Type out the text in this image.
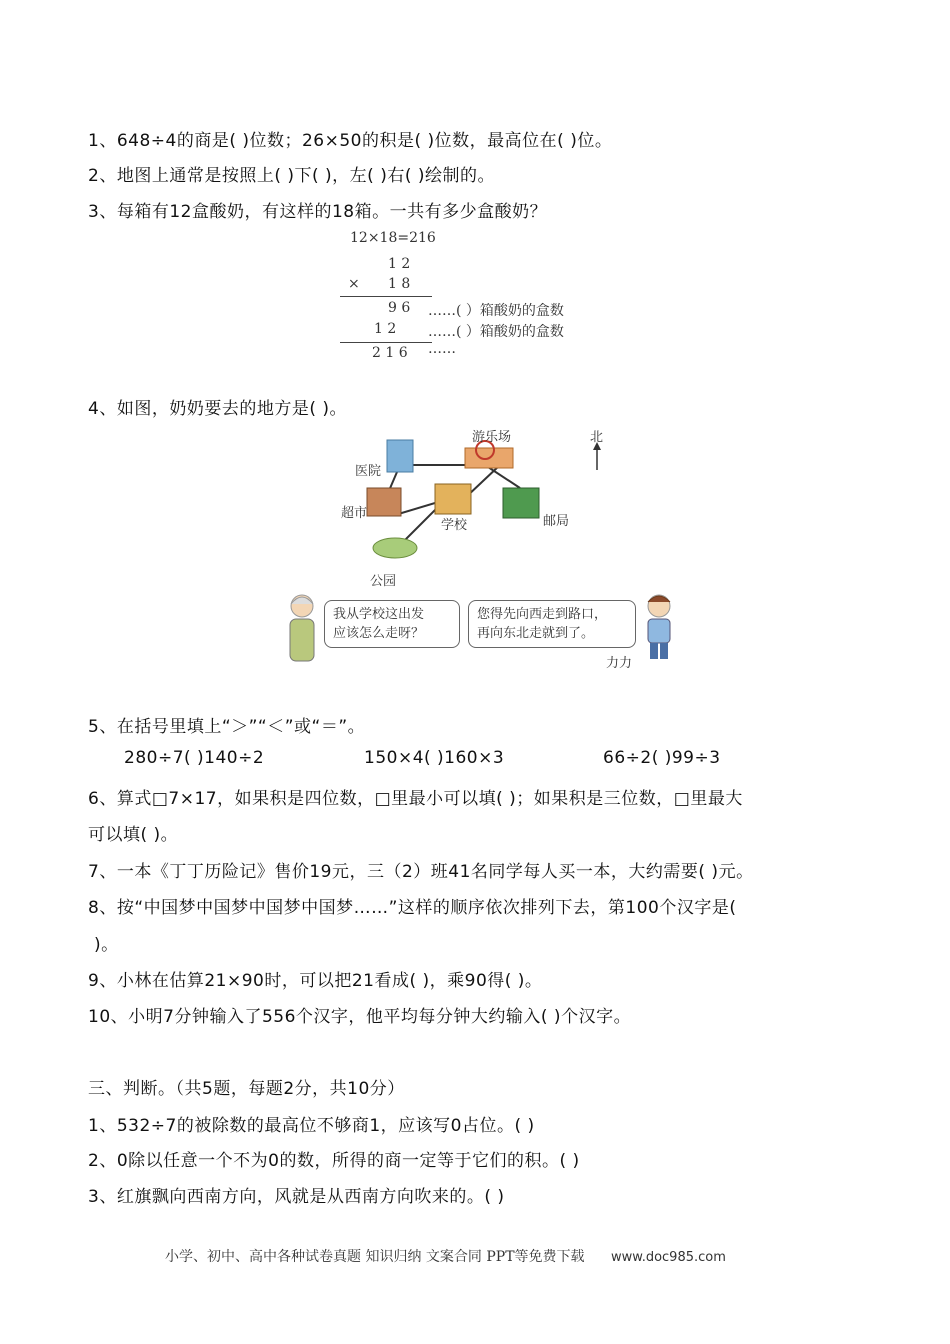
1、648÷4的商是( )位数；26×50的积是( )位数，最高位在( )位。
2、地图上通常是按照上( )下( )，左( )右( )绘制的。
3、每箱有12盒酸奶，有这样的18箱。一共有多少盒酸奶？
12×18=216
1 2
× 1 8
9 6 ……( ）箱酸奶的盒数
1 2 ……( ）箱酸奶的盒数
2 1 6 ……
4、如图，奶奶要去的地方是( )。
医院
游乐场	北
超市
学校	邮局
公园
我从学校这出发
应该怎么走呀？
您得先向西走到路口，
再向东北走就到了。
力力
5、在括号里填上“＞”“＜”或“＝”。
280÷7( )140÷2	150×4( )160×3	66÷2( )99÷3
6、算式□7×17，如果积是四位数，□里最小可以填( )；如果积是三位数，□里最大
可以填( )。
7、一本《丁丁历险记》售价19元，三（2）班41名同学每人买一本，大约需要( )元。
8、按“中国梦中国梦中国梦中国梦……”这样的顺序依次排列下去，第100个汉字是(
)。
9、小林在估算21×90时，可以把21看成( )，乘90得( )。
10、小明7分钟输入了556个汉字，他平均每分钟大约输入( )个汉字。
三、判断。（共5题，每题2分，共10分）
1、532÷7的被除数的最高位不够商1，应该写0占位。( )
2、0除以任意一个不为0的数，所得的商一定等于它们的积。( )
3、红旗飘向西南方向，风就是从西南方向吹来的。( )
小学、初中、高中各种试卷真题 知识归纳 文案合同 PPT等免费下载 www.doc985.com
